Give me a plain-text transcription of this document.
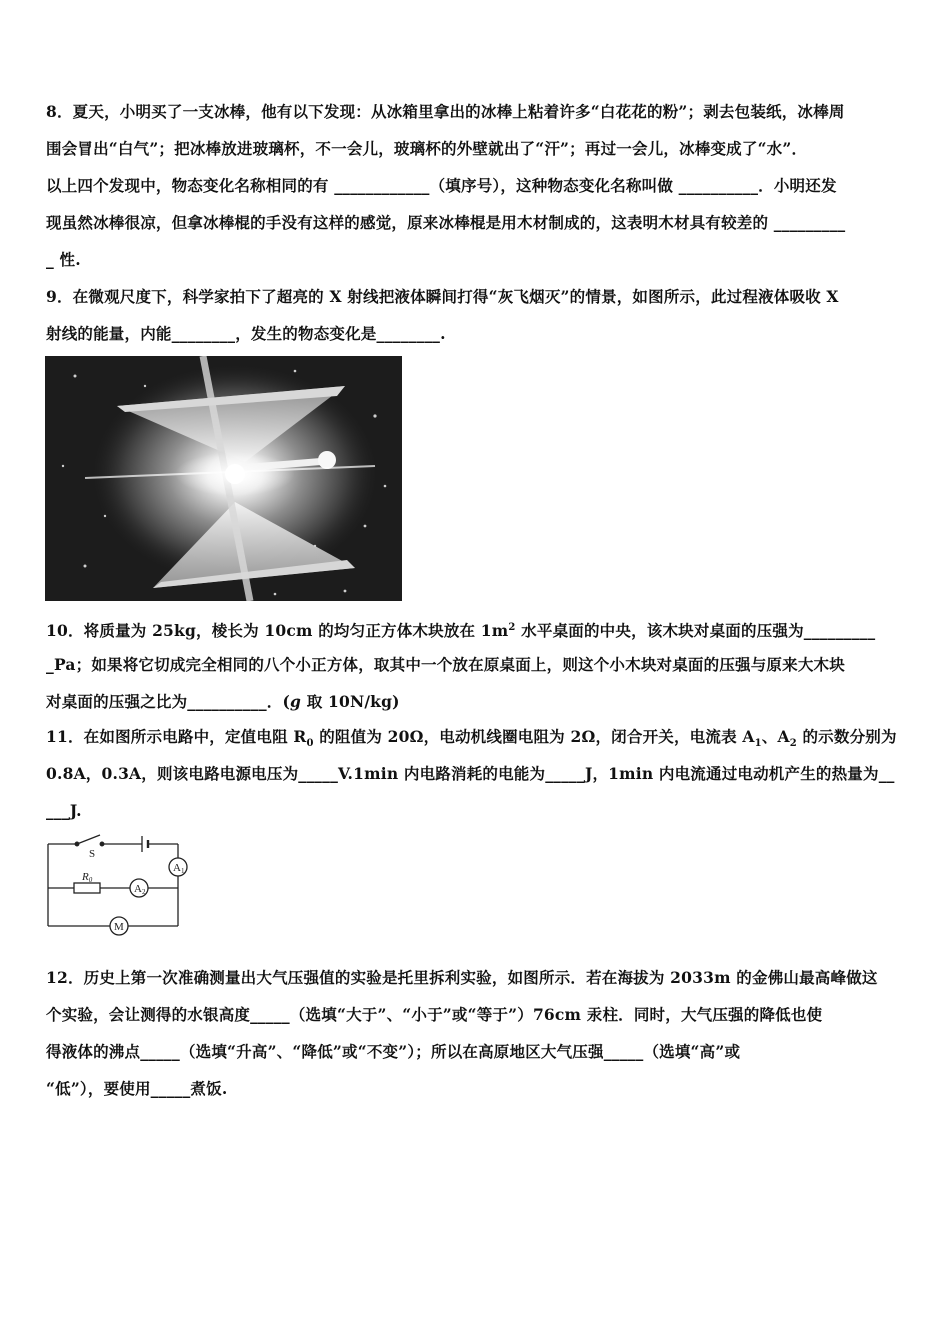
8．夏天，小明买了一支冰棒，他有以下发现：从冰箱里拿出的冰棒上粘着许多“白花花的粉”；剥去包装纸，冰棒周
围会冒出“白气”；把冰棒放进玻璃杯，不一会儿，玻璃杯的外壁就出了“汗”；再过一会儿，冰棒变成了“水”．
以上四个发现中，物态变化名称相同的有 ____________（填序号），这种物态变化名称叫做 __________．小明还发
现虽然冰棒很凉，但拿冰棒棍的手没有这样的感觉，原来冰棒棍是用木材制成的，这表明木材具有较差的 _________
_ 性.
9．在微观尺度下，科学家拍下了超亮的 X 射线把液体瞬间打得“灰飞烟灭”的情景，如图所示，此过程液体吸收 X
射线的能量，内能________，发生的物态变化是________.
10．将质量为 25kg，棱长为 10cm 的均匀正方体木块放在 $1m^2$ 水平桌面的中央，该木块对桌面的压强为_________
_Pa；如果将它切成完全相同的八个小正方体，取其中一个放在原桌面上，则这个小木块对桌面的压强与原来大木块
对桌面的压强之比为__________．(g 取 10N/kg)
11．在如图所示电路中，定值电阻 $R_0$ 的阻值为 20Ω，电动机线圈电阻为 2Ω，闭合开关，电流表 $A_1$、$A_2$ 的示数分别为
0.8A，0.3A，则该电路电源电压为_____V.1min 内电路消耗的电能为_____J，1min 内电流通过电动机产生的热量为__
___J.
S
A1
R0
A2
M
12．历史上第一次准确测量出大气压强值的实验是托里拆利实验，如图所示．若在海拔为 2033m 的金佛山最高峰做这
个实验，会让测得的水银高度_____（选填“大于”、“小于”或“等于”）76cm 汞柱．同时，大气压强的降低也使
得液体的沸点_____（选填“升高”、“降低”或“不变”）；所以在高原地区大气压强_____（选填“高”或
“低”），要使用_____煮饭.
